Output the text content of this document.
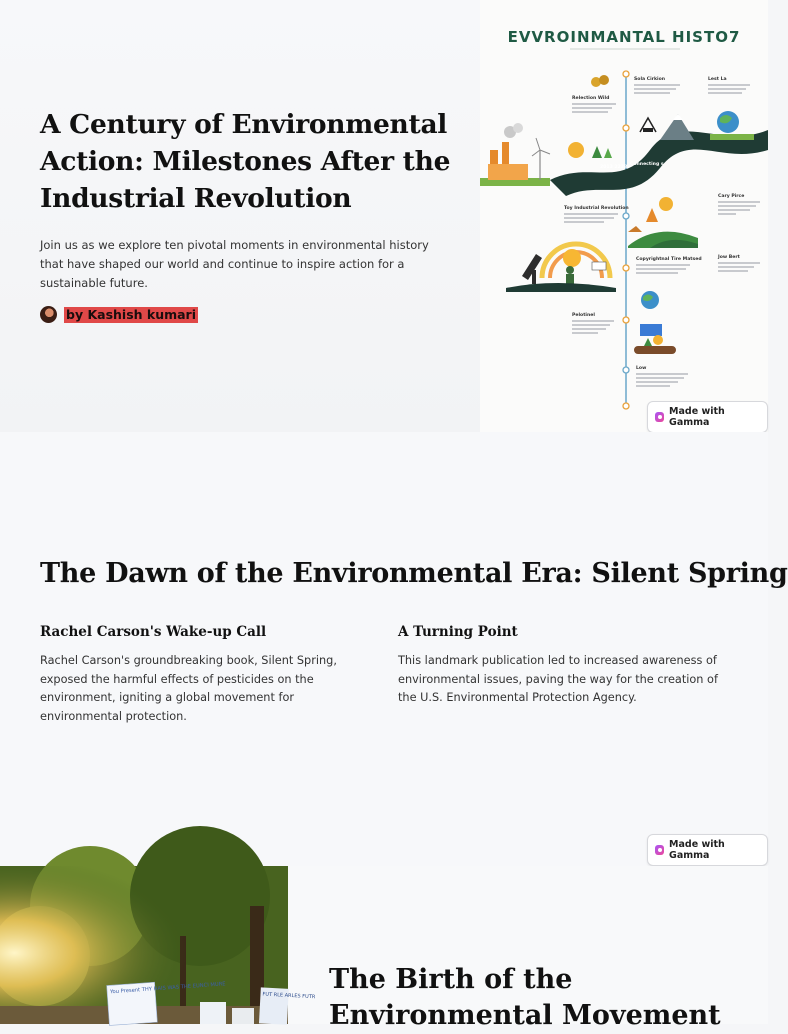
A Century of Environmental Action: Milestones After the Industrial Revolution

Join us as we explore ten pivotal moments in environmental history that have shaped our world and continue to inspire action for a sustainable future.

by Kashish kumari
EVVROINMANTAL HISTO7
Sola Cirkion	Lest La
Relection Wild
Connecting s
2013 2228
Toy Industrial Revolution
Cary Pirce
Copyrightnal Tire Matsed	Jow Bert
Pelotinel
Low
Made with Gamma
The Dawn of the Environmental Era: Silent Spring
Rachel Carson's Wake-up Call

Rachel Carson's groundbreaking book, Silent Spring, exposed the harmful effects of pesticides on the environment, igniting a global movement for environmental protection.

A Turning Point

This landmark publication led to increased awareness of environmental issues, paving the way for the creation of the U.S. Environmental Protection Agency.

Made with Gamma
You Present THY HAIS WAS THE EUNCI MURE
FUT RLE ARLES FUTR
The Birth of the Environmental Movement
